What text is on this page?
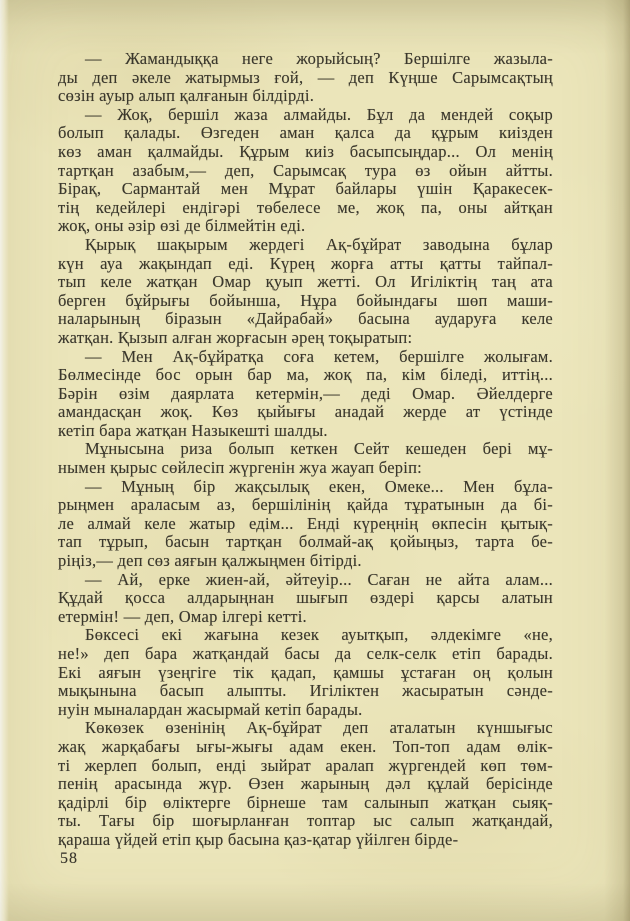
— Жамандыққа неге жорыйсың? Бершілге жазыла-
ды деп әкеле жатырмыз ғой, — деп Күңше Сарымсақтың
сөзін ауыр алып қалғанын білдірді.
— Жоқ, бершіл жаза алмайды. Бұл да мендей соқыр
болып қалады. Өзгеден аман қалса да құрым киізден
көз аман қалмайды. Құрым киіз басыпсыңдар... Ол менің
тартқан азабым,— деп, Сарымсақ тура өз ойын айтты.
Бірақ, Сармантай мен Мұрат байлары үшін Қаракесек-
тің кедейлері ендігәрі төбелесе ме, жоқ па, оны айтқан
жоқ, оны әзір өзі де білмейтін еді.
Қырық шақырым жердегі Ақ-бұйрат заводына бұлар
күн ауа жақындап еді. Күрең жорға атты қатты тайпал-
тып келе жатқан Омар қуып жетті. Ол Игіліктің таң ата
берген бұйрығы бойынша, Нұра бойындағы шөп маши-
наларының біразын «Дайрабай» басына аударуға келе
жатқан. Қызып алған жорғасын әрең тоқыратып:
— Мен Ақ-бұйратқа соға кетем, бершілге жолығам.
Бөлмесінде бос орын бар ма, жоқ па, кім біледі, иттің...
Бәрін өзім даярлата кетермін,— деді Омар. Әйелдерге
амандасқан жоқ. Көз қыйығы анадай жерде ат үстінде
кетіп бара жатқан Назыкешті шалды.
Мұнысына риза болып кеткен Сейт кешеден бері мұ-
нымен қырыс сөйлесіп жүргенін жуа жауап беріп:
— Мұның бір жақсылық екен, Омеке... Мен бұла-
рыңмен араласым аз, бершілінің қайда тұратынын да бі-
ле алмай келе жатыр едім... Енді күреңнің өкпесін қытық-
тап тұрып, басын тартқан болмай-ақ қойыңыз, тарта бе-
ріңіз,— деп сөз аяғын қалжыңмен бітірді.
— Ай, ерке жиен-ай, әйтеуір... Саған не айта алам...
Құдай қосса алдарыңнан шығып өздері қарсы алатын
етермін! — деп, Омар ілгері кетті.
Бөксесі екі жағына кезек ауытқып, әлдекімге «не,
не!» деп бара жатқандай басы да селк-селк етіп барады.
Екі аяғын үзеңгіге тік қадап, қамшы ұстаған оң қолын
мықынына басып алыпты. Игіліктен жасыратын сәнде-
нуін мыналардан жасырмай кетіп барады.
Көкөзек өзенінің Ақ-бұйрат деп аталатын күншығыс
жақ жарқабағы ығы-жығы адам екен. Топ-топ адам өлік-
ті жерлеп болып, енді зыйрат аралап жүргендей көп төм-
пенің арасында жүр. Өзен жарының дәл құлай берісінде
қадірлі бір өліктерге бірнеше там салынып жатқан сыяқ-
ты. Тағы бір шоғырланған топтар ыс салып жатқандай,
қараша үйдей етіп қыр басына қаз-қатар үйілген бірде-
58
